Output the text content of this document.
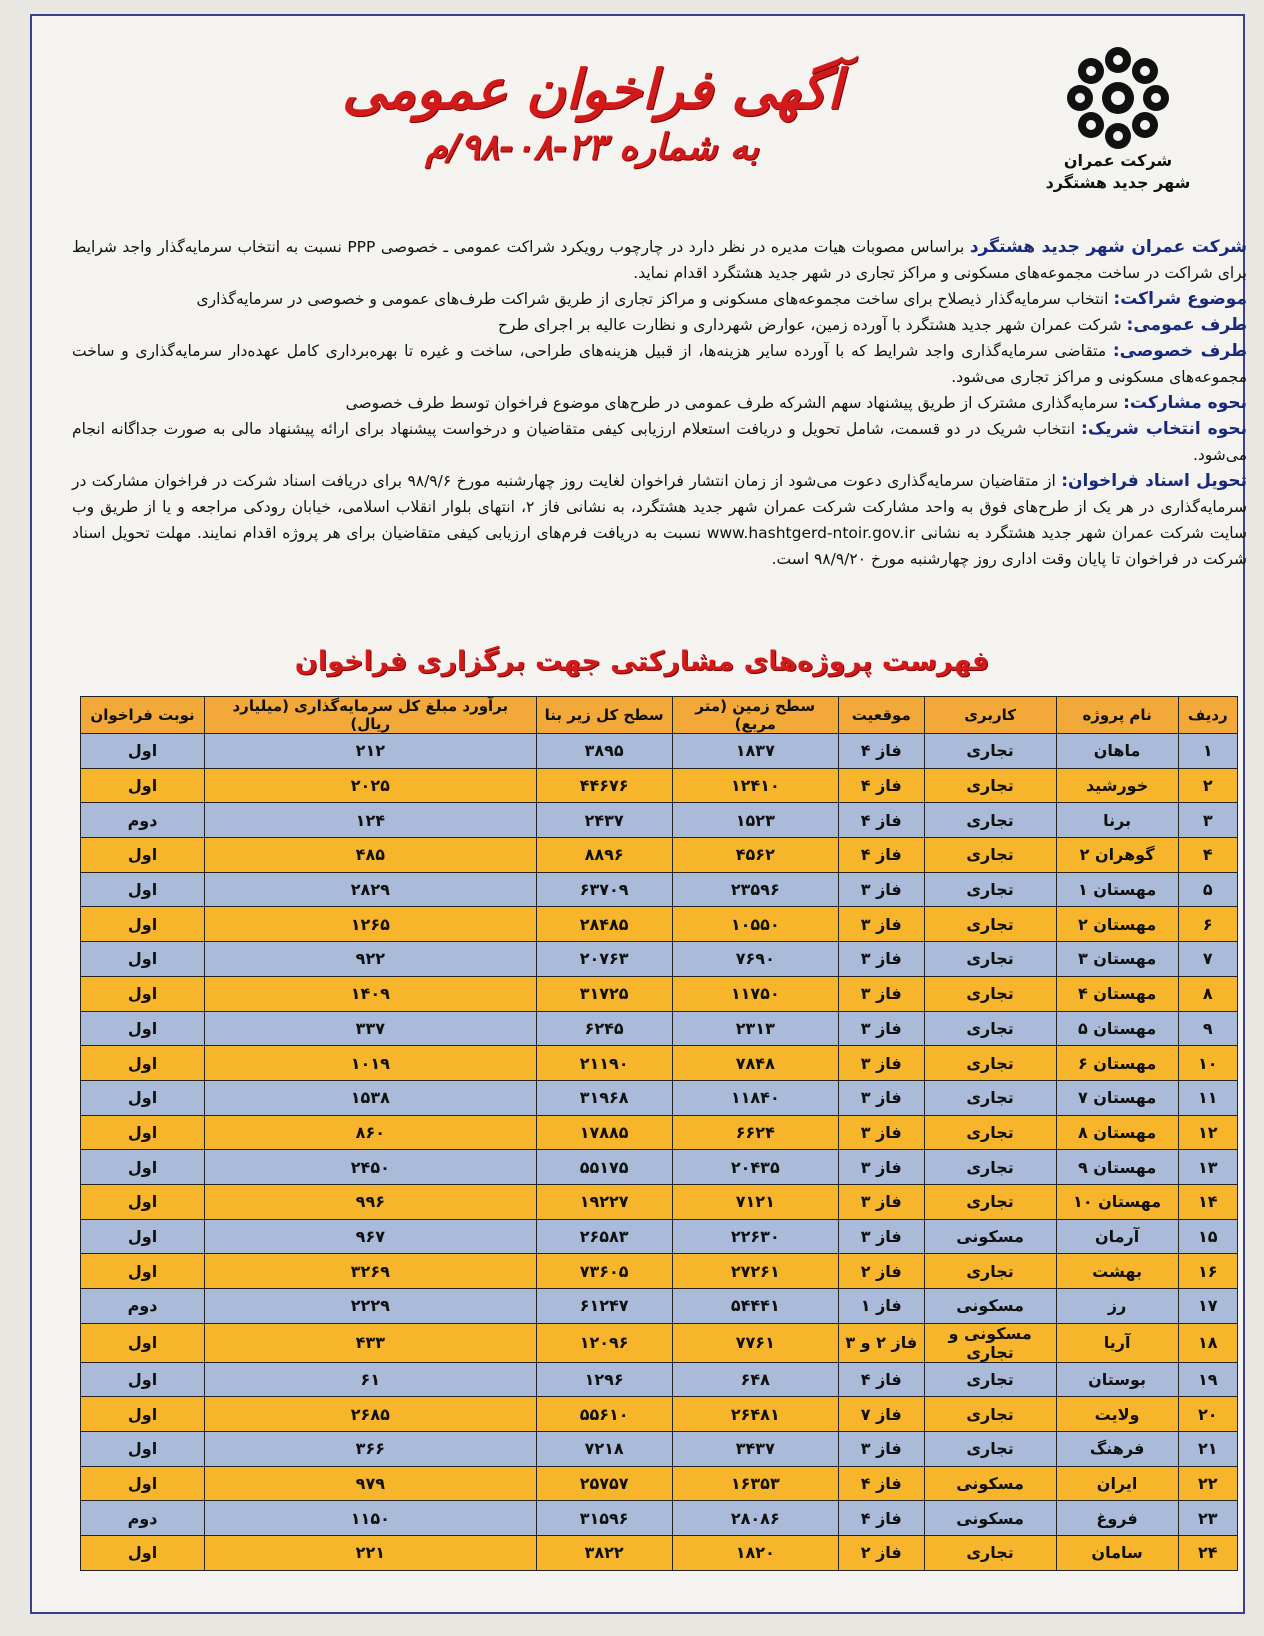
شرکت عمران
شهر جدید هشتگرد
آگهی فراخوان عمومی
به شماره ۲۳-۰۸-۹۸/م

شرکت عمران شهر جدید هشتگرد براساس مصوبات هیات مدیره در نظر دارد در چارچوب رویکرد شراکت عمومی ـ خصوصی PPP نسبت به انتخاب سرمایه‌گذار واجد شرایط برای شراکت در ساخت مجموعه‌های مسکونی و مراکز تجاری در شهر جدید هشتگرد اقدام نماید.

موضوع شراکت: انتخاب سرمایه‌گذار ذیصلاح برای ساخت مجموعه‌های مسکونی و مراکز تجاری از طریق شراکت طرف‌های عمومی و خصوصی در سرمایه‌گذاری

طرف عمومی: شرکت عمران شهر جدید هشتگرد با آورده زمین، عوارض شهرداری و نظارت عالیه بر اجرای طرح

طرف خصوصی: متقاضی سرمایه‌گذاری واجد شرایط که با آورده سایر هزینه‌ها، از قبیل هزینه‌های طراحی، ساخت و غیره تا بهره‌برداری کامل عهده‌دار سرمایه‌گذاری و ساخت مجموعه‌های مسکونی و مراکز تجاری می‌شود.

نحوه مشارکت: سرمایه‌گذاری مشترک از طریق پیشنهاد سهم الشرکه طرف عمومی در طرح‌های موضوع فراخوان توسط طرف خصوصی

نحوه انتخاب شریک: انتخاب شریک در دو قسمت، شامل تحویل و دریافت استعلام ارزیابی کیفی متقاضیان و درخواست پیشنهاد برای ارائه پیشنهاد مالی به صورت جداگانه انجام می‌شود.

تحویل اسناد فراخوان: از متقاضیان سرمایه‌گذاری دعوت می‌شود از زمان انتشار فراخوان لغایت روز چهارشنبه مورخ ۹۸/۹/۶ برای دریافت اسناد شرکت در فراخوان مشارکت در سرمایه‌گذاری در هر یک از طرح‌های فوق به واحد مشارکت شرکت عمران شهر جدید هشتگرد، به نشانی فاز ۲، انتهای بلوار انقلاب اسلامی، خیابان رودکی مراجعه و یا از طریق وب سایت شرکت عمران شهر جدید هشتگرد به نشانی www.hashtgerd-ntoir.gov.ir نسبت به دریافت فرم‌های ارزیابی کیفی متقاضیان برای هر پروژه اقدام نمایند. مهلت تحویل اسناد شرکت در فراخوان تا پایان وقت اداری روز چهارشنبه مورخ ۹۸/۹/۲۰ است.

فهرست پروژه‌های مشارکتی جهت برگزاری فراخوان
ردیف	نام پروژه	کاربری	موقعیت	سطح زمین (متر مربع)	سطح کل زیر بنا	برآورد مبلغ کل سرمایه‌گذاری (میلیارد ریال)	نوبت فراخوان
۱	ماهان	تجاری	فاز ۴	۱۸۳۷	۳۸۹۵	۲۱۲	اول
۲	خورشید	تجاری	فاز ۴	۱۲۴۱۰	۴۴۶۷۶	۲۰۲۵	اول
۳	برنا	تجاری	فاز ۴	۱۵۲۳	۲۴۳۷	۱۲۴	دوم
۴	گوهران ۲	تجاری	فاز ۴	۴۵۶۲	۸۸۹۶	۴۸۵	اول
۵	مهستان ۱	تجاری	فاز ۳	۲۳۵۹۶	۶۳۷۰۹	۲۸۲۹	اول
۶	مهستان ۲	تجاری	فاز ۳	۱۰۵۵۰	۲۸۴۸۵	۱۲۶۵	اول
۷	مهستان ۳	تجاری	فاز ۳	۷۶۹۰	۲۰۷۶۳	۹۲۲	اول
۸	مهستان ۴	تجاری	فاز ۳	۱۱۷۵۰	۳۱۷۲۵	۱۴۰۹	اول
۹	مهستان ۵	تجاری	فاز ۳	۲۳۱۳	۶۲۴۵	۳۳۷	اول
۱۰	مهستان ۶	تجاری	فاز ۳	۷۸۴۸	۲۱۱۹۰	۱۰۱۹	اول
۱۱	مهستان ۷	تجاری	فاز ۳	۱۱۸۴۰	۳۱۹۶۸	۱۵۳۸	اول
۱۲	مهستان ۸	تجاری	فاز ۳	۶۶۲۴	۱۷۸۸۵	۸۶۰	اول
۱۳	مهستان ۹	تجاری	فاز ۳	۲۰۴۳۵	۵۵۱۷۵	۲۴۵۰	اول
۱۴	مهستان ۱۰	تجاری	فاز ۳	۷۱۲۱	۱۹۲۲۷	۹۹۶	اول
۱۵	آرمان	مسکونی	فاز ۳	۲۲۶۳۰	۲۶۵۸۳	۹۶۷	اول
۱۶	بهشت	تجاری	فاز ۲	۲۷۲۶۱	۷۳۶۰۵	۳۲۶۹	اول
۱۷	رز	مسکونی	فاز ۱	۵۴۴۴۱	۶۱۲۴۷	۲۲۲۹	دوم
۱۸	آریا	مسکونی و تجاری	فاز ۲ و ۳	۷۷۶۱	۱۲۰۹۶	۴۳۳	اول
۱۹	بوستان	تجاری	فاز ۴	۶۴۸	۱۲۹۶	۶۱	اول
۲۰	ولایت	تجاری	فاز ۷	۲۶۴۸۱	۵۵۶۱۰	۲۶۸۵	اول
۲۱	فرهنگ	تجاری	فاز ۳	۳۴۳۷	۷۲۱۸	۳۶۶	اول
۲۲	ایران	مسکونی	فاز ۴	۱۶۳۵۳	۲۵۷۵۷	۹۷۹	اول
۲۳	فروغ	مسکونی	فاز ۴	۲۸۰۸۶	۳۱۵۹۶	۱۱۵۰	دوم
۲۴	سامان	تجاری	فاز ۲	۱۸۲۰	۳۸۲۲	۲۲۱	اول
